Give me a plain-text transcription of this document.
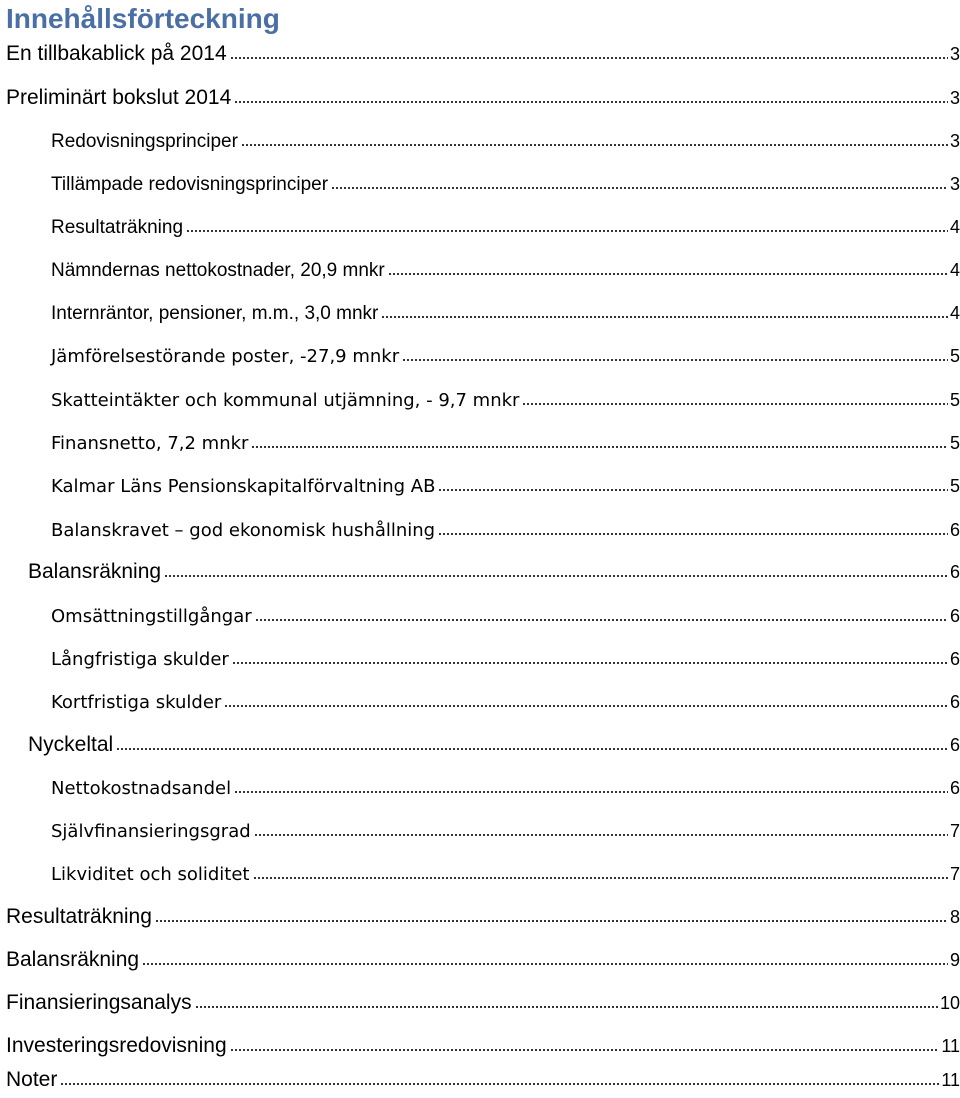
Innehållsförteckning
En tillbakablick på 2014	3
Preliminärt bokslut 2014	3
Redovisningsprinciper	3
Tillämpade redovisningsprinciper	3
Resultaträkning	4
Nämndernas nettokostnader, 20,9 mnkr	4
Internräntor, pensioner, m.m., 3,0 mnkr	4
Jämförelsestörande poster, -27,9 mnkr	5
Skatteintäkter och kommunal utjämning, - 9,7 mnkr	5
Finansnetto, 7,2 mnkr	5
Kalmar Läns Pensionskapitalförvaltning AB	5
Balanskravet – god ekonomisk hushållning	6
Balansräkning	6
Omsättningstillgångar	6
Långfristiga skulder	6
Kortfristiga skulder	6
Nyckeltal	6
Nettokostnadsandel	6
Självfinansieringsgrad	7
Likviditet och soliditet	7
Resultaträkning	8
Balansräkning	9
Finansieringsanalys	10
Investeringsredovisning	11
Noter	11
